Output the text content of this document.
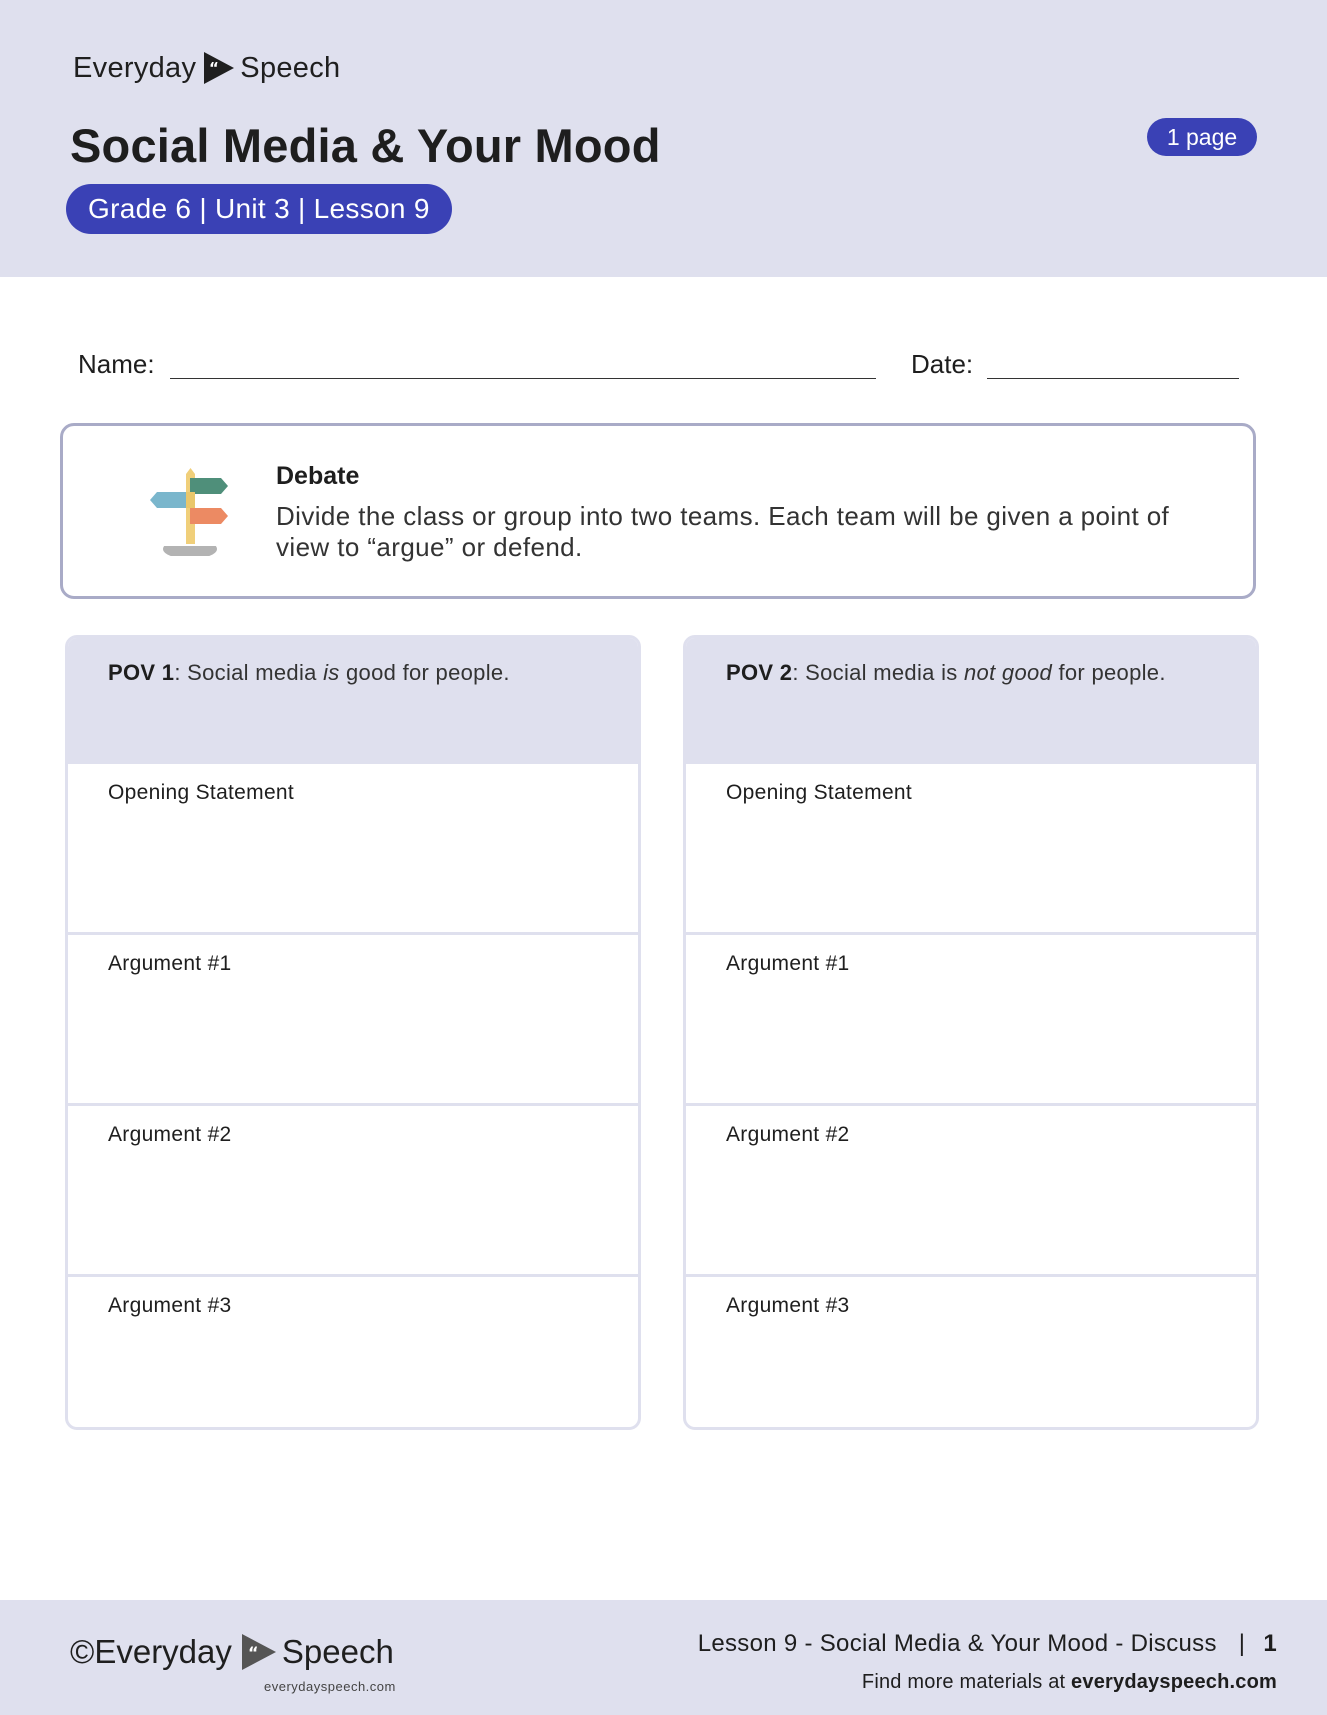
Everyday “ Speech
Social Media & Your Mood
Grade 6 | Unit 3 | Lesson 9
1 page
Name:	Date:
Debate
Divide the class or group into two teams. Each team will be given a point of view to “argue” or defend.
POV 1: Social media is good for people.
Opening Statement
Argument #1
Argument #2
Argument #3
POV 2: Social media is not good for people.
Opening Statement
Argument #1
Argument #2
Argument #3
© Everyday “ Speech
everydayspeech.com
Lesson 9 - Social Media & Your Mood - Discuss | 1
Find more materials at everydayspeech.com
